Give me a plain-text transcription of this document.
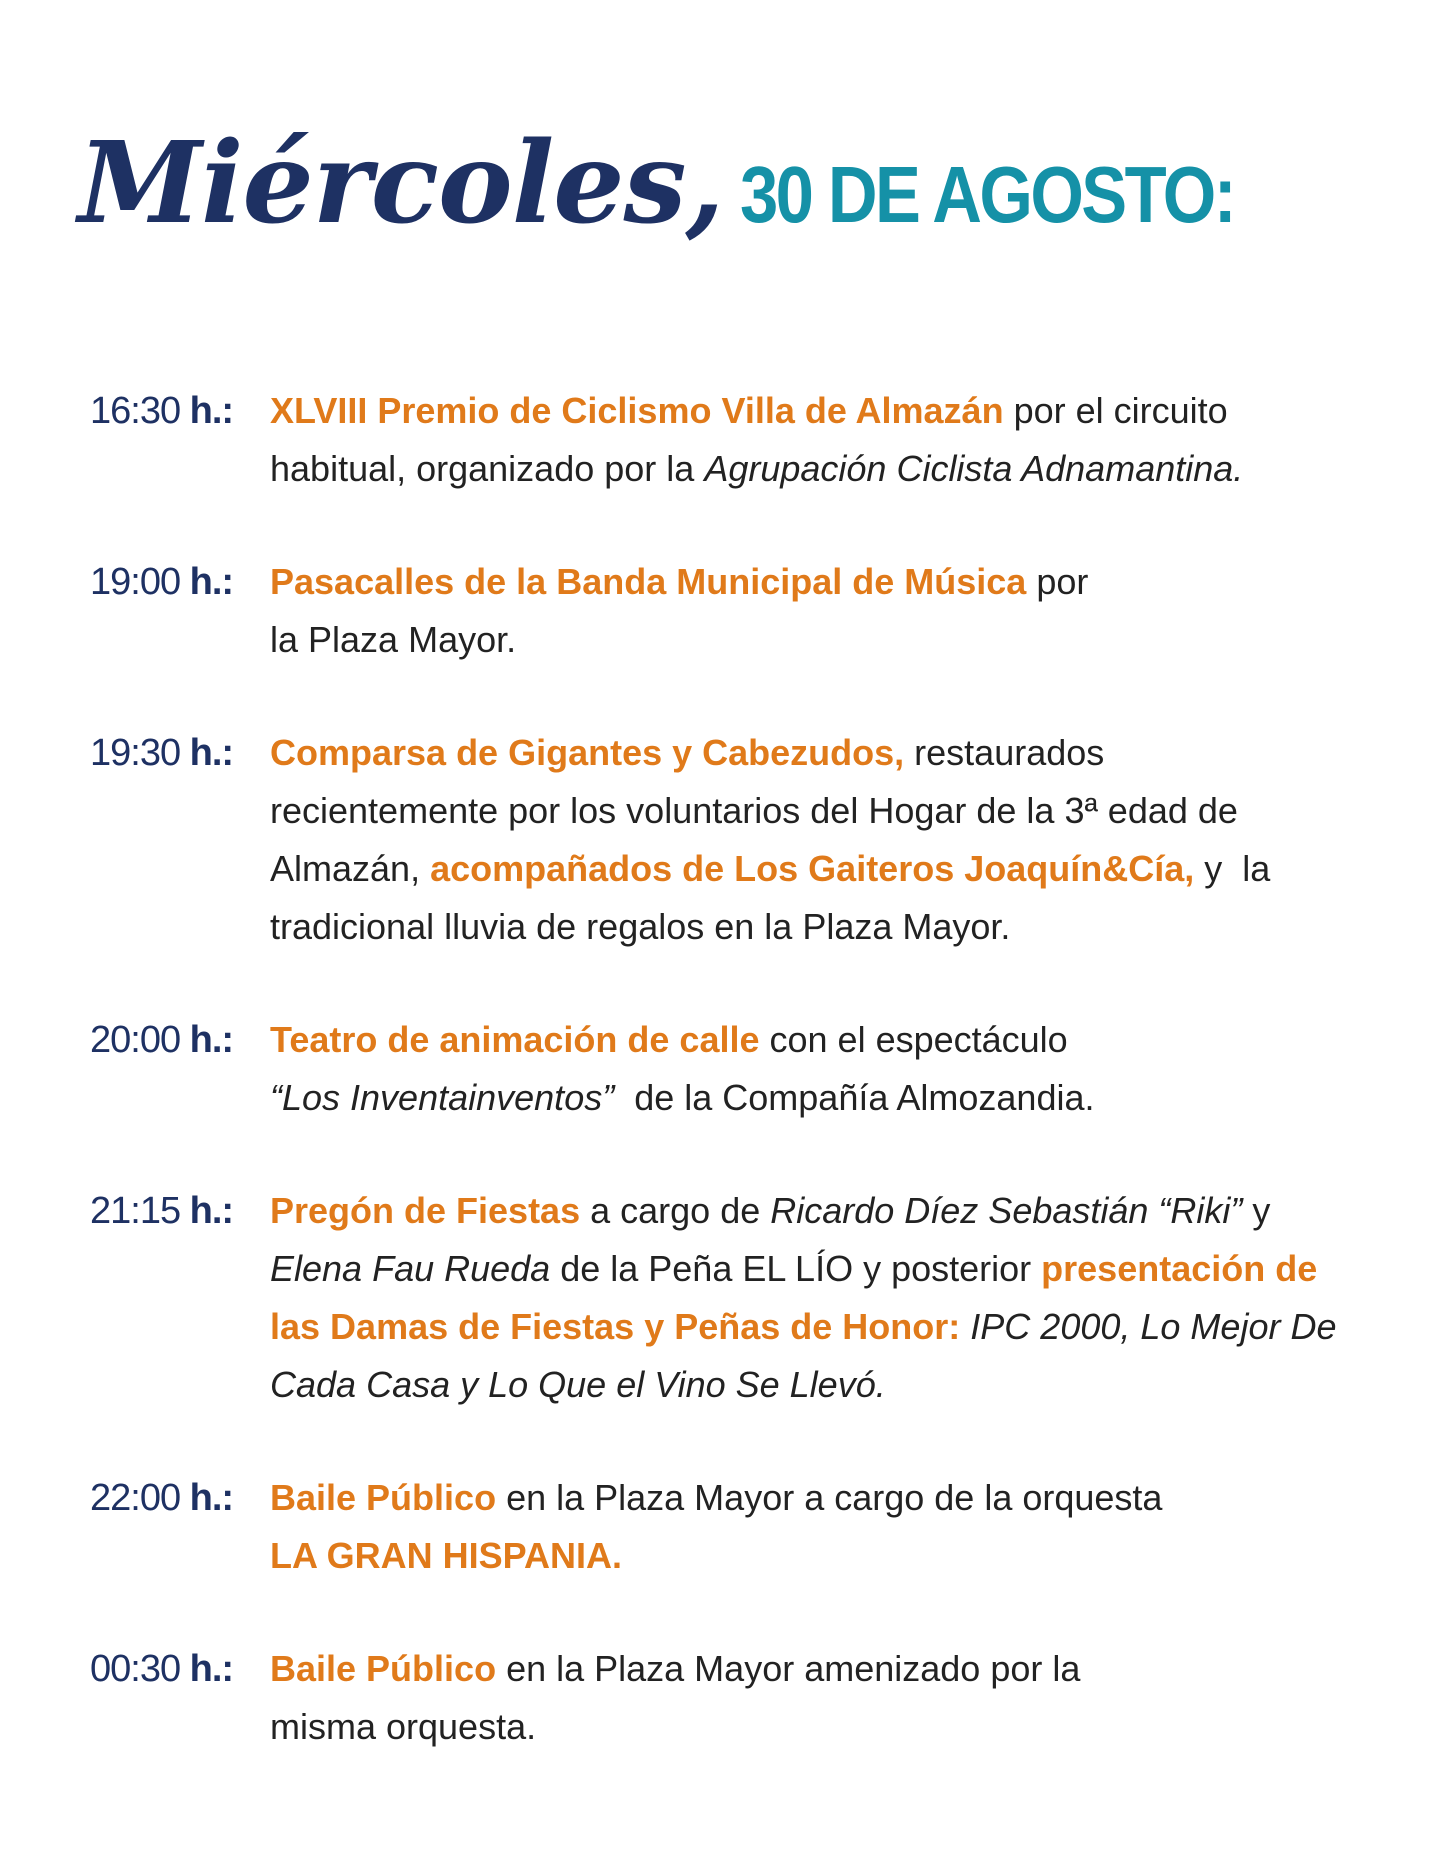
Miércoles, 30 DE AGOSTO:
16:30 h.: XLVIII Premio de Ciclismo Villa de Almazán por el circuito
habitual, organizado por la Agrupación Ciclista Adnamantina.
19:00 h.: Pasacalles de la Banda Municipal de Música por
la Plaza Mayor.
19:30 h.: Comparsa de Gigantes y Cabezudos, restaurados
recientemente por los voluntarios del Hogar de la 3ª edad de
Almazán, acompañados de Los Gaiteros Joaquín&Cía, y  la
tradicional lluvia de regalos en la Plaza Mayor.
20:00 h.: Teatro de animación de calle con el espectáculo
“Los Inventainventos”  de la Compañía Almozandia.
21:15 h.: Pregón de Fiestas a cargo de Ricardo Díez Sebastián “Riki” y
Elena Fau Rueda de la Peña EL LÍO y posterior presentación de
las Damas de Fiestas y Peñas de Honor: IPC 2000, Lo Mejor De
Cada Casa y Lo Que el Vino Se Llevó.
22:00 h.: Baile Público en la Plaza Mayor a cargo de la orquesta
LA GRAN HISPANIA.
00:30 h.: Baile Público en la Plaza Mayor amenizado por la
misma orquesta.
